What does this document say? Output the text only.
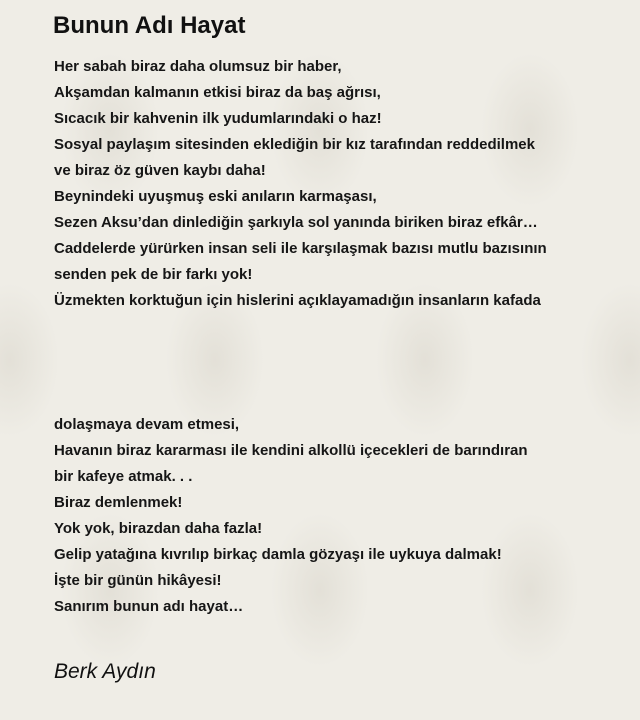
Bunun Adı Hayat
Her sabah biraz daha olumsuz bir haber,
Akşamdan kalmanın etkisi biraz da baş ağrısı,
Sıcacık bir kahvenin ilk yudumlarındaki o haz!
Sosyal paylaşım sitesinden eklediğin bir kız tarafından reddedilmek
ve biraz öz güven kaybı daha!
Beynindeki uyuşmuş eski anıların karmaşası,
Sezen Aksu’dan dinlediğin şarkıyla sol yanında biriken biraz efkâr…
Caddelerde yürürken insan seli ile karşılaşmak bazısı mutlu bazısının
senden pek de bir farkı yok!
Üzmekten korktuğun için hislerini açıklayamadığın insanların kafada
dolaşmaya devam etmesi,
Havanın biraz kararması ile kendini alkollü içecekleri de barındıran
bir kafeye atmak. . .
Biraz demlenmek!
Yok yok, birazdan daha fazla!
Gelip yatağına kıvrılıp birkaç damla gözyaşı ile uykuya dalmak!
İşte bir günün hikâyesi!
Sanırım bunun adı hayat…

Berk Aydın
